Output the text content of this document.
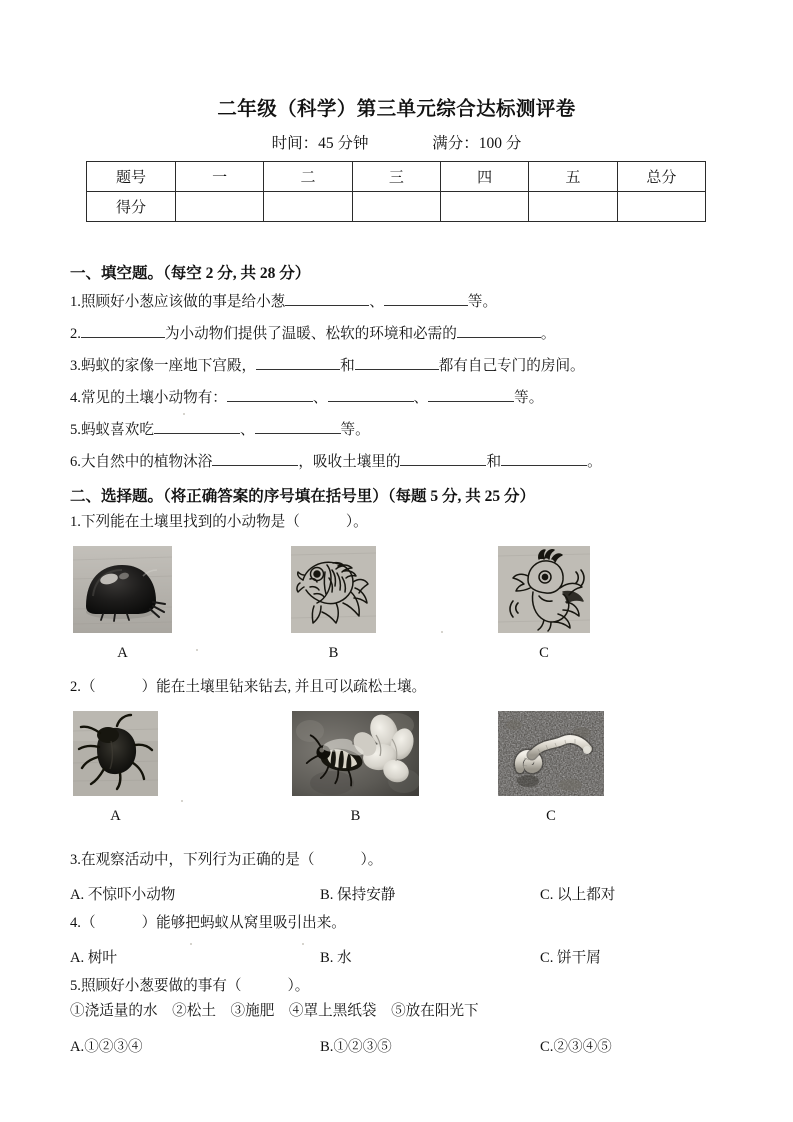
二年级（科学）第三单元综合达标测评卷
时间：45 分钟	满分：100 分
题号	一	二	三	四	五	总分
得分						
一、填空题。（每空 2 分, 共 28 分）
1.照顾好小葱应该做的事是给小葱	、	等。
2.	为小动物们提供了温暖、松软的环境和必需的	。
3.蚂蚁的家像一座地下宫殿，	和	都有自己专门的房间。
4.常见的土壤小动物有：	、	、	等。
5.蚂蚁喜欢吃	、	等。
6.大自然中的植物沐浴	，吸收土壤里的	和	。
二、选择题。（将正确答案的序号填在括号里）（每题 5 分, 共 25 分）
1.下列能在土壤里找到的小动物是（	）。
A	B	C
2.（	）能在土壤里钻来钻去, 并且可以疏松土壤。
A	B	C
3.在观察活动中，下列行为正确的是（	）。
A. 不惊吓小动物	B. 保持安静	C. 以上都对
4.（	）能够把蚂蚁从窝里吸引出来。
A. 树叶	B. 水	C. 饼干屑
5.照顾好小葱要做的事有（	）。
①浇适量的水　②松土　③施肥　④罩上黑纸袋　⑤放在阳光下
A.①②③④	B.①②③⑤	C.②③④⑤
